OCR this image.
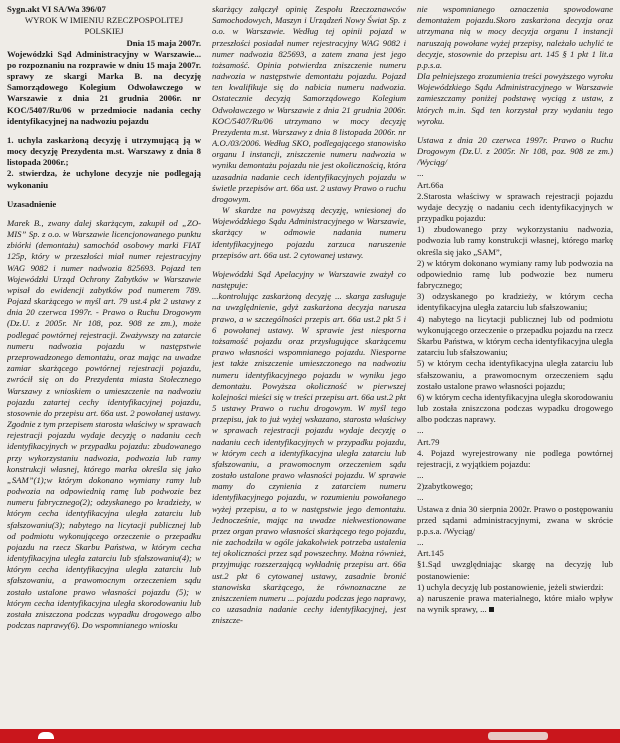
Sygn.akt VI SA/Wa 396/07

WYROK W IMIENIU RZECZPOSPOLITEJ

POLSKIEJ

Dnia 15 maja 2007r.

Wojewódzki Sąd Administracyjny w Warszawie... po rozpoznaniu na rozprawie w dniu 15 maja 2007r. sprawy ze skargi Marka B. na decyzję Samorządowego Kolegium Odwoławczego w Warszawie z dnia 21 grudnia 2006r. nr KOC/5407/Ru/06 w przedmiocie nadania cechy identyfikacyjnej na nadwoziu pojazdu

1. uchyla zaskarżoną decyzję i utrzymującą ją w mocy decyzję Prezydenta m.st. Warszawy z dnia 8 listopada 2006r.;

2. stwierdza, że uchylone decyzje nie podlegają wykonaniu

Uzasadnienie

Marek B., zwany dalej skarżącym, zakupił od „ZO-MIS” Sp. z o.o. w Warszawie licencjonowanego punktu zbiórki (demontażu) samochód osobowy marki FIAT 125p, który w przeszłości miał numer rejestracyjny WAG 9082 i numer nadwozia 825693. Pojazd ten Wojewódzki Urząd Ochrony Zabytków w Warszawie wpisał do ewidencji zabytków pod numerem 789. Pojazd skarżącego w myśl art. 79 ust.4 pkt 2 ustawy z dnia 20 czerwca 1997r. - Prawo o Ruchu Drogowym (Dz.U. z 2005r. Nr 108, poz. 908 ze zm.), może podlegać powtórnej rejestracji. Zważywszy na zatarcie numeru nadwozia pojazdu w następstwie przeprowadzonego demontażu, oraz mając na uwadze zamiar skarżącego powtórnej rejestracji pojazdu, zwrócił się on do Prezydenta miasta Stołecznego Warszawy z wnioskiem o umieszczenie na nadwoziu pojazdu zatartej cechy identyfikacyjnej pojazdu, stosownie do przepisu art. 66a ust. 2 powołanej ustawy. Zgodnie z tym przepisem starosta właściwy w sprawach rejestracji pojazdu wydaje decyzję o nadaniu cech identyfikacyjnych w przypadku pojazdu: zbudowanego przy wykorzystaniu nadwozia, podwozia lub ramy konstrukcji własnej, którego marka określa się jako „SAM”(1);w którym dokonano wymiany ramy lub podwozia na odpowiednią ramę lub podwozie bez numeru fabrycznego(2); odzyskanego po kradzieży, w którym cecha identyfikacyjna uległa zatarciu lub sfałszowaniu(3); nabytego na licytacji publicznej lub od podmiotu wykonującego orzeczenie o przepadku pojazdu na rzecz Skarbu Państwa, w którym cecha identyfikacyjna uległa zatarciu lub sfałszowaniu(4); w którym cecha identyfikacyjna uległa zatarciu lub sfałszowaniu, a prawomocnym orzeczeniem sądu zostało ustalone prawo własności pojazdu (5); w którym cecha identyfikacyjna uległa skorodowaniu lub została zniszczona podczas wypadku drogowego albo podczas naprawy(6). Do wspomnianego wniosku

skarżący załączył opinię Zespołu Rzeczoznawców Samochodowych, Maszyn i Urządzeń Nowy Świat Sp. z o.o. w Warszawie. Według tej opinii pojazd w przeszłości posiadał numer rejestracyjny WAG 9082 i numer nadwozia 825693, a zatem znana jest jego tożsamość. Opinia potwierdza zniszczenie numeru nadwozia w następstwie demontażu pojazdu. Pojazd ten kwalifikuje się do nabicia numeru nadwozia. Ostatecznie decyzją Samorządowego Kolegium Odwoławczego w Warszawie z dnia 21 grudnia 2006r. KOC/5407/Ru/06 utrzymano w mocy decyzję Prezydenta m.st. Warszawy z dnia 8 listopada 2006r. nr A.O./03/2006. Według SKO, podlegającego stanowisko organu I instancji, zniszczenie numeru nadwozia w wyniku demontażu pojazdu nie jest okolicznością, która uzasadnia nadanie cech identyfikacyjnych pojazdu w świetle przepisów art. 66a ust. 2 ustawy Prawo o ruchu drogowym.

W skardze na powyższą decyzję, wniesionej do Wojewódzkiego Sądu Administracyjnego w Warszawie, skarżący w odmowie nadania numeru identyfikacyjnego pojazdu zarzuca naruszenie przepisów art. 66a ust. 2 cytowanej ustawy.

Wojewódzki Sąd Apelacyjny w Warszawie zważył co następuje:

...kontrolując zaskarżoną decyzję ... skarga zasługuje na uwzględnienie, gdyż zaskarżona decyzja narusza prawo, a w szczególności przepis art. 66a ust.2 pkt 5 i 6 powołanej ustawy. W sprawie jest niesporna tożsamość pojazdu oraz przysługujące skarżącemu prawo własności wspomnianego pojazdu. Niesporne jest także zniszczenie umieszczonego na nadwoziu numeru identyfikacyjnego pojazdu w wyniku jego demontażu. Powyższa okoliczność w pierwszej kolejności mieści się w treści przepisu art. 66a ust.2 pkt 5 ustawy Prawo o ruchu drogowym. W myśl tego przepisu, jak to już wyżej wskazano, starosta właściwy w sprawach rejestracji pojazdu wydaje decyzję o nadaniu cech identyfikacyjnych w przypadku pojazdu, w którym cech a identyfikacyjna uległa zatarciu lub sfałszowaniu, a prawomocnym orzeczeniem sądu zostało ustalone prawo własności pojazdu. W sprawie mamy do czynienia z zatarciem numeru identyfikacyjnego pojazdu, w rozumieniu powołanego wyżej przepisu, a to w następstwie jego demontażu. Jednocześnie, mając na uwadze niekwestionowane przez organ prawo własności skarżącego tego pojazdu, nie zachodziła w ogóle jakakolwiek potrzeba ustalenia tej okoliczności przez sąd powszechny. Można również, przyjmując rozszerzającą wykładnię przepisu art. 66a ust.2 pkt 6 cytowanej ustawy, zasadnie bronić stanowiska skarżącego, że równoznaczne ze zniszczeniem numeru ... pojazdu podczas jego naprawy, co uzasadnia nadanie cechy identyfikacyjnej, jest zniszcze-

nie wspomnianego oznaczenia spowodowane demontażem pojazdu.Skoro zaskarżona decyzja oraz utrzymana nią w mocy decyzja organu I instancji naruszają powołane wyżej przepisy, należało uchylić te decyzje, stosownie do przepisu art. 145 § 1 pkt 1 lit.a p.p.s.a.

Dla pełniejszego zrozumienia treści powyższego wyroku Wojewódzkiego Sądu Administracyjnego w Warszawie zamieszczamy poniżej podstawę wyciąg z ustaw, z których m.in. Sąd ten korzystał przy wydaniu tego wyroku.

Ustawa z dnia 20 czerwca 1997r. Prawo o Ruchu Drogowym (Dz.U. z 2005r. Nr 108, poz. 908 ze zm.) /Wyciąg/

...

Art.66a

2.Starosta właściwy w sprawach rejestracji pojazdu wydaje decyzję o nadaniu cech identyfikacyjnych w przypadku pojazdu:

1) zbudowanego przy wykorzystaniu nadwozia, podwozia lub ramy konstrukcji własnej, którego markę określa się jako „SAM”,

2) w którym dokonano wymiany ramy lub podwozia na odpowiednio ramę lub podwozie bez numeru fabrycznego;

3) odzyskanego po kradzieży, w którym cecha identyfikacyjna uległa zatarciu lub sfałszowaniu;

4) nabytego na licytacji publicznej lub od podmiotu wykonującego orzeczenie o przepadku pojazdu na rzecz Skarbu Państwa, w którym cecha identyfikacyjna uległa zatarciu lub sfałszowaniu;

5) w którym cecha identyfikacyjna uległa zatarciu lub sfałszowaniu, a prawomocnym orzeczeniem sądu zostało ustalone prawo własności pojazdu;

6) w którym cecha identyfikacyjna uległa skorodowaniu lub została zniszczona podczas wypadku drogowego albo podczas naprawy.

...

Art.79

4. Pojazd wyrejestrowany nie podlega powtórnej rejestracji, z wyjątkiem pojazdu:

...

2)zabytkowego;

...

Ustawa z dnia 30 sierpnia 2002r. Prawo o postępowaniu przed sądami administracyjnymi, zwana w skrócie p.p.s.a. /Wyciąg/

...

Art.145

§1.Sąd uwzględniając skargę na decyzję lub postanowienie:

1) uchyla decyzję lub postanowienie, jeżeli stwierdzi:

a) naruszenie prawa materialnego, które miało wpływ na wynik sprawy, ...
